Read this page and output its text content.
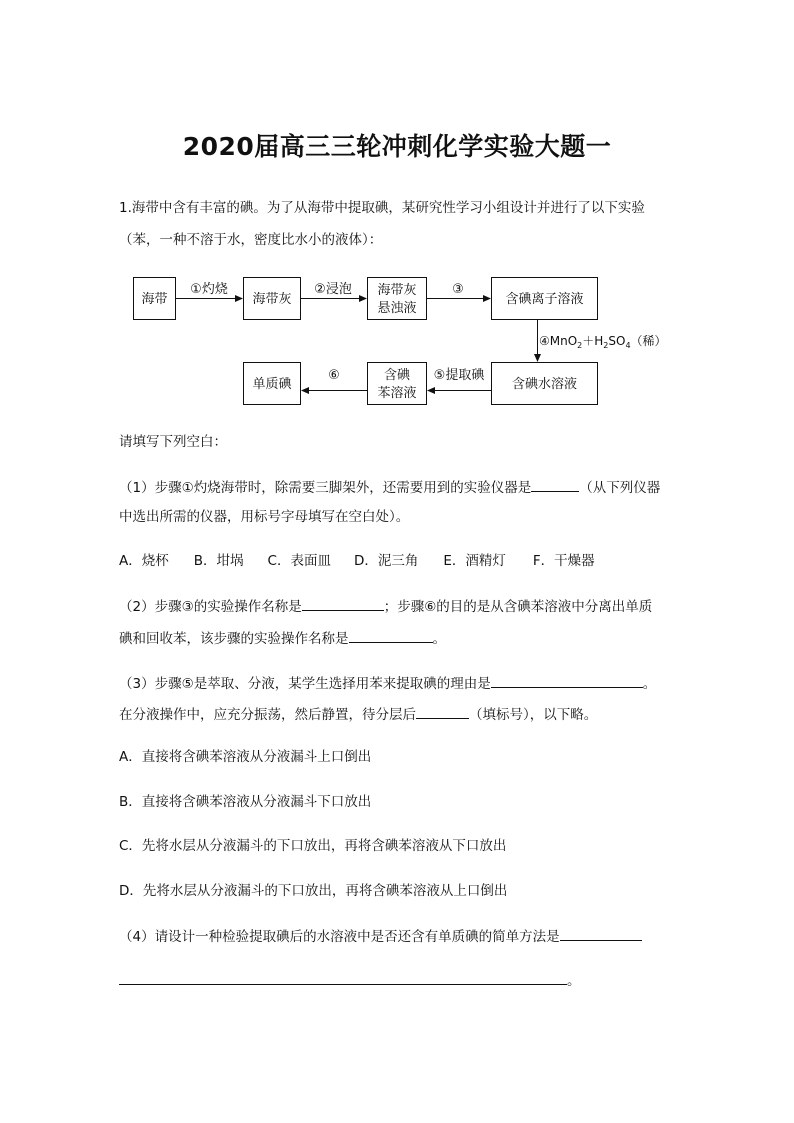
2020届高三三轮冲刺化学实验大题一
1.海带中含有丰富的碘。为了从海带中提取碘，某研究性学习小组设计并进行了以下实验
（苯，一种不溶于水，密度比水小的液体）：
海带	海带灰
海带灰
悬浊液
含碘离子溶液
含碘水溶液
含碘
苯溶液
单质碘
①灼烧	②浸泡	③
⑤提取碘
⑥
$④MnO_2+H_2SO_4$（稀）
请填写下列空白：
（1）步骤①灼烧海带时，除需要三脚架外，还需要用到的实验仪器是	（从下列仪器
中选出所需的仪器，用标号字母填写在空白处）。
A．烧杯 B．坩埚 C．表面皿 D．泥三角 E．酒精灯 F．干燥器
（2）步骤③的实验操作名称是	；步骤⑥的目的是从含碘苯溶液中分离出单质
碘和回收苯，该步骤的实验操作名称是	。
（3）步骤⑤是萃取、分液，某学生选择用苯来提取碘的理由是	。
在分液操作中，应充分振荡，然后静置，待分层后	（填标号），以下略。
A．直接将含碘苯溶液从分液漏斗上口倒出
B．直接将含碘苯溶液从分液漏斗下口放出
C．先将水层从分液漏斗的下口放出，再将含碘苯溶液从下口放出
D．先将水层从分液漏斗的下口放出，再将含碘苯溶液从上口倒出
（4）请设计一种检验提取碘后的水溶液中是否还含有单质碘的简单方法是
。
